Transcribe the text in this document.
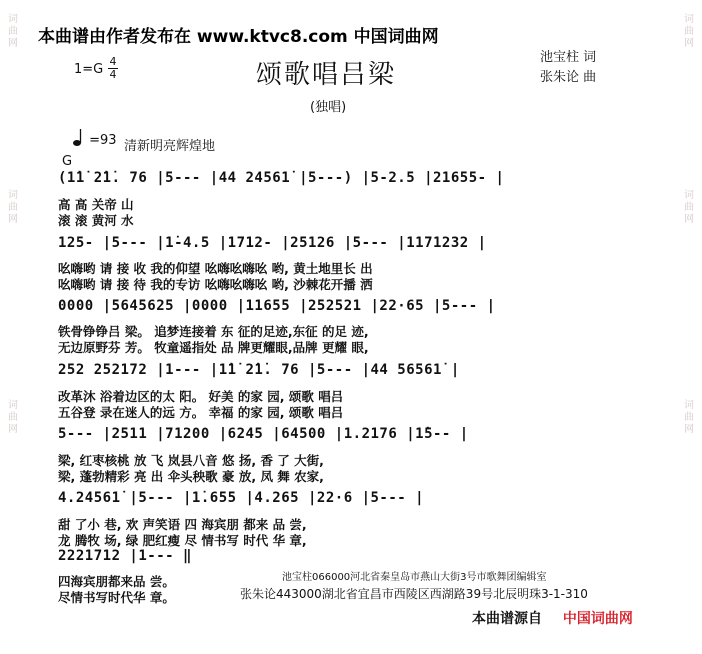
词
曲
网
词
曲
网
词
曲
网
词
曲
网
词
曲
网
词
曲
网
本曲谱由作者发布在 www.ktvc8.com 中国词曲网
1=G
4
4	颂歌唱吕梁
池宝柱 词
张朱论 曲
(独唱)
=93 清新明亮辉煌地
G
(1̇1̇ 2̇1̇. 76 |5--- |44 24561̇ |5---) |5-2.5 |21655- |
高 高 关帝 山
滚 滚 黄河 水
125- |5--- |1̇-4.5 |1712- |25126 |5--- |1171232 |
吆嗨哟 请 接 收 我的仰望 吆嗨吆嗨吆 哟, 黄土地里长 出
吆嗨哟 请 接 待 我的专访 吆嗨吆嗨吆 哟, 沙棘花开播 洒
0000 |5645625 |0000 |11655 |252521 |22·65 |5--- |
铁骨铮铮吕 梁。 追梦连接着 东 征的足迹,东征 的足 迹,
无边原野芬 芳。 牧童遥指处 品 牌更耀眼,品牌 更耀 眼,
252 252172 |1--- |1̇1̇ 2̇1̇. 76 |5--- |44 56561̇ |
改革沐 浴着边区的太 阳。 好美 的家 园, 颂歌 唱吕
五谷登 录在迷人的远 方。 幸福 的家 园, 颂歌 唱吕
5--- |2511 |71200 |6245 |64500 |1.2176 |1̇5-- |
梁, 红枣核桃 放 飞 岚县八音 悠 扬, 香 了 大街,
梁, 蓬勃精彩 亮 出 伞头秧歌 豪 放, 凤 舞 农家,
4.24561̇ |5--- |1̇.655 |4.265 |22·6 |5--- |
甜 了小 巷, 欢 声笑语 四 海宾朋 都来 品 尝,
龙 腾牧 场, 绿 肥红瘦 尽 情书写 时代 华 章,
2221712 |1--- ‖
四海宾朋都来品 尝。
尽情书写时代华 章。
池宝柱066000河北省秦皇岛市燕山大街3号市歌舞团编辑室
张朱论443000湖北省宜昌市西陵区西湖路39号北辰明珠3-1-310
本曲谱源自 中国词曲网
